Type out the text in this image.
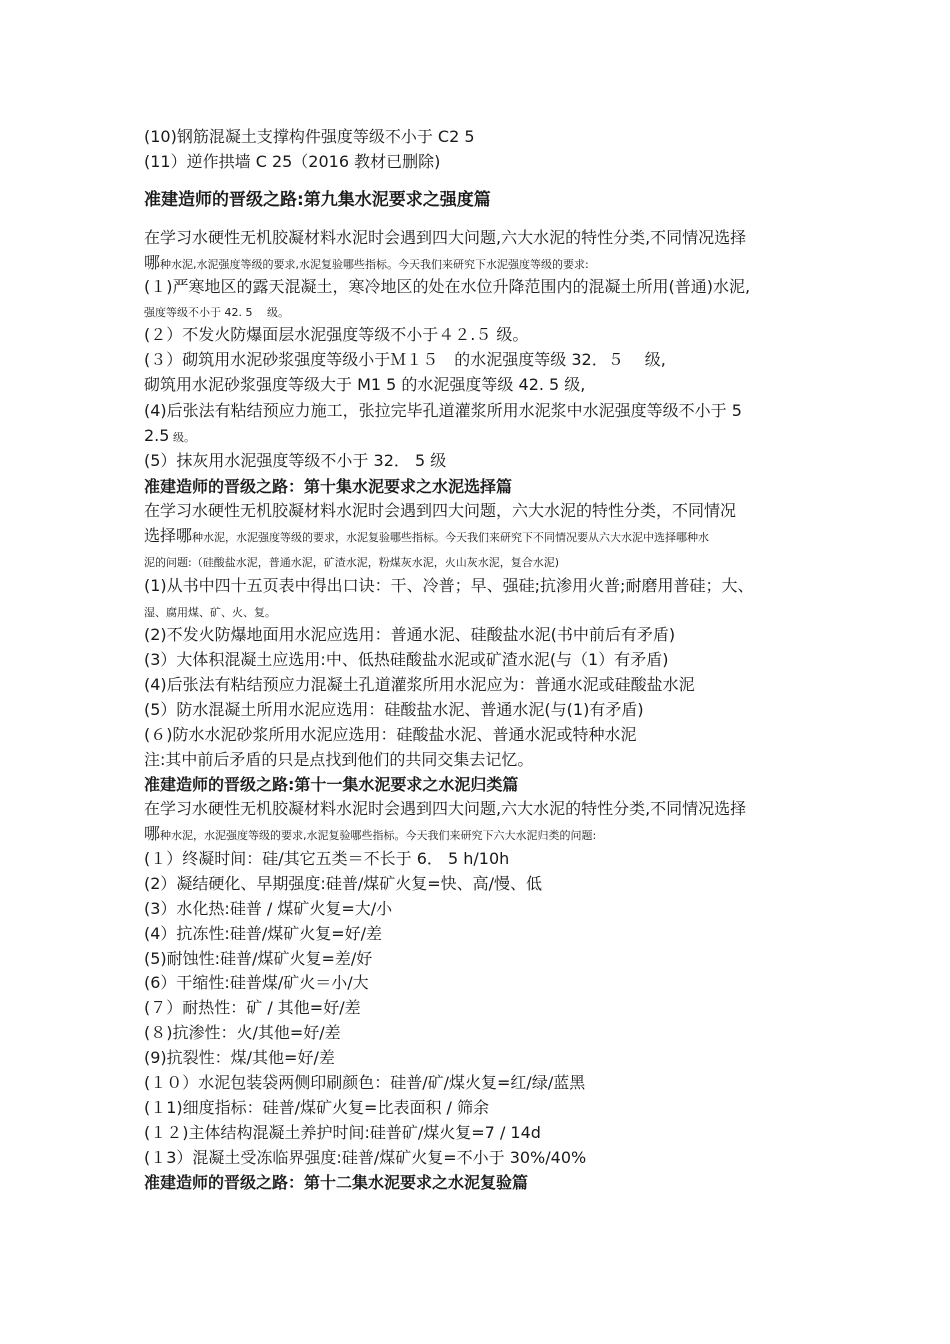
(10)钢筋混凝土支撑构件强度等级不小于 C2 5
(11）逆作拱墙 C 25（2016 教材已删除)
准建造师的晋级之路:第九集水泥要求之强度篇
在学习水硬性无机胶凝材料水泥时会遇到四大问题,六大水泥的特性分类,不同情况选择
哪种水泥,水泥强度等级的要求,水泥复验哪些指标。今天我们来研究下水泥强度等级的要求:
(１)严寒地区的露天混凝土，寒冷地区的处在水位升降范围内的混凝土所用(普通)水泥,
强度等级不小于 42. 5　 级。
(２）不发火防爆面层水泥强度等级不小于４２.５ 级。
(３）砌筑用水泥砂浆强度等级小于Ｍ１５　的水泥强度等级 32．５　 级,
砌筑用水泥砂浆强度等级大于 M1 5 的水泥强度等级 42. 5 级,
(4)后张法有粘结预应力施工，张拉完毕孔道灌浆所用水泥浆中水泥强度等级不小于 5
2.5 级。
(5）抹灰用水泥强度等级不小于 32． 5 级
准建造师的晋级之路：第十集水泥要求之水泥选择篇
在学习水硬性无机胶凝材料水泥时会遇到四大问题，六大水泥的特性分类，不同情况
选择哪种水泥，水泥强度等级的要求，水泥复验哪些指标。今天我们来研究下不同情况要从六大水泥中选择哪种水
泥的问题:（硅酸盐水泥，普通水泥，矿渣水泥，粉煤灰水泥，火山灰水泥，复合水泥)
(1)从书中四十五页表中得出口诀：干、冷普；早、强硅;抗渗用火普;耐磨用普硅；大、
湿、腐用煤、矿、火、复。
(2)不发火防爆地面用水泥应选用：普通水泥、硅酸盐水泥(书中前后有矛盾)
(3）大体积混凝土应选用:中、低热硅酸盐水泥或矿渣水泥(与（1）有矛盾)
(4)后张法有粘结预应力混凝土孔道灌浆所用水泥应为：普通水泥或硅酸盐水泥
(5）防水混凝土所用水泥应选用：硅酸盐水泥、普通水泥(与(1)有矛盾)
(６)防水水泥砂浆所用水泥应选用：硅酸盐水泥、普通水泥或特种水泥
注:其中前后矛盾的只是点找到他们的共同交集去记忆。
准建造师的晋级之路:第十一集水泥要求之水泥归类篇
在学习水硬性无机胶凝材料水泥时会遇到四大问题,六大水泥的特性分类,不同情况选择
哪种水泥，水泥强度等级的要求,水泥复验哪些指标。今天我们来研究下六大水泥归类的问题:
(１）终凝时间：硅/其它五类＝不长于 6． 5 h/10h
(2）凝结硬化、早期强度:硅普/煤矿火复=快、高/慢、低
(3）水化热:硅普 / 煤矿火复=大/小
(4）抗冻性:硅普/煤矿火复=好/差
(5)耐蚀性:硅普/煤矿火复=差/好
(6）干缩性:硅普煤/矿火＝小/大
(７）耐热性：矿 / 其他=好/差
(８)抗渗性：火/其他=好/差
(9)抗裂性：煤/其他=好/差
(１０）水泥包装袋两侧印刷颜色：硅普/矿/煤火复=红/绿/蓝黑
(１1)细度指标：硅普/煤矿火复=比表面积 / 筛余
(１２)主体结构混凝土养护时间:硅普矿/煤火复=7 / 14d
(１3）混凝土受冻临界强度:硅普/煤矿火复=不小于 30%/40%
准建造师的晋级之路：第十二集水泥要求之水泥复验篇
